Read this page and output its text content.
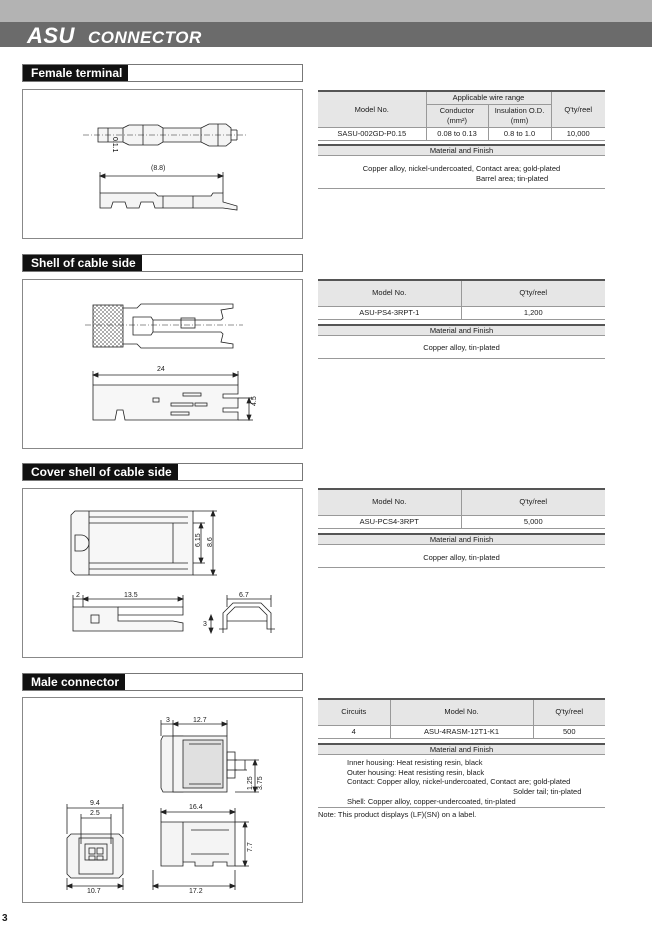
ASU CONNECTOR
Female terminal
0.1.1
(8.8)
Model No.	Applicable wire range		Q'ty/reel
	Conductor
(mm²)	Insulation O.D.
(mm)	
SASU-002GD-P0.15	0.08 to 0.13	0.8 to 1.0	10,000
Material and Finish
Copper alloy, nickel-undercoated, Contact area; gold-plated
Barrel area; tin-plated
Shell of cable side
24
4.5
Model No.	Q'ty/reel
ASU-PS4-3RPT-1	1,200
Material and Finish
Copper alloy, tin-plated
Cover shell of cable side
6.15 8.6
2	13.5	6.7
3
Model No.	Q'ty/reel
ASU-PCS4-3RPT	5,000
Material and Finish
Copper alloy, tin-plated
Male connector
3	12.7
1.25 3.75
9.4
2.5
16.4
7.7
10.7	17.2
Circuits	Model No.	Q'ty/reel
4	ASU-4RASM-12T1-K1	500
Material and Finish
Inner housing: Heat resisting resin, black
Outer housing: Heat resisting resin, black
Contact: Copper alloy, nickel-undercoated, Contact are; gold-plated
Solder tail; tin-plated
Shell: Copper alloy, copper-undercoated, tin-plated
Note: This product displays (LF)(SN) on a label.
3
